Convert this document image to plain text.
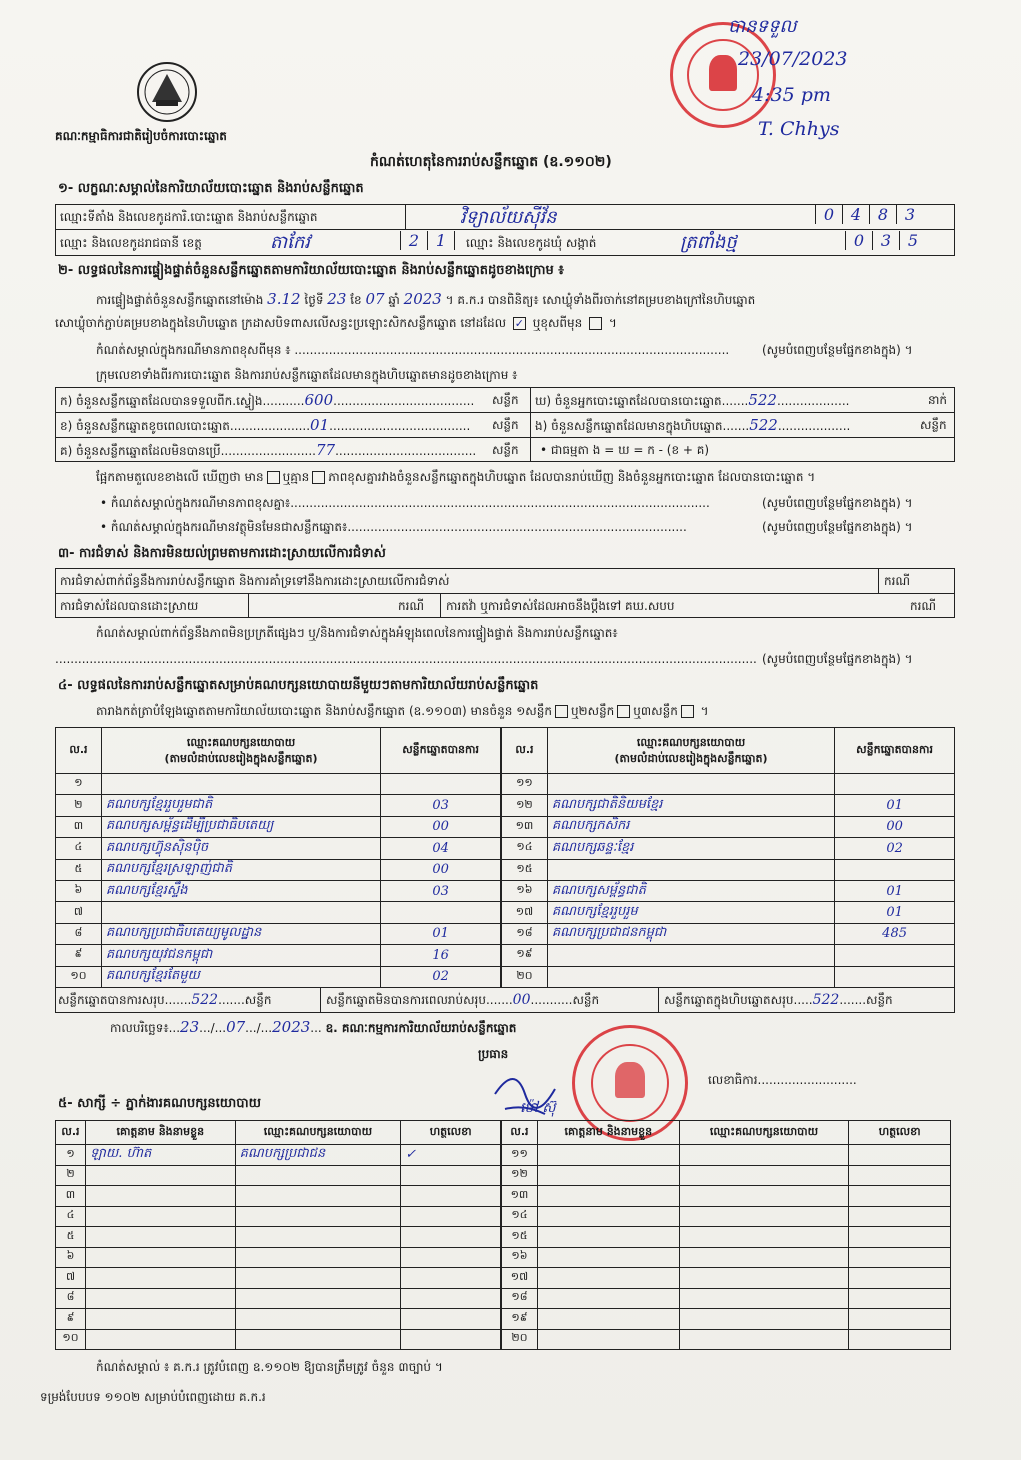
គណៈកម្មាធិការជាតិរៀបចំការបោះឆ្នោត
បានទទួល
23/07/2023
4:35 pm
T. Chhys
កំណត់ហេតុនៃការរាប់សន្លឹកឆ្នោត (ឧ.១១០២)
១- លក្ខណៈសម្គាល់នៃការិយាល័យបោះឆ្នោត និងរាប់សន្លឹកឆ្នោត
ឈ្មោះទីតាំង និងលេខកូដការិ.បោះឆ្នោត និងរាប់សន្លឹកឆ្នោត	វិទ្យាល័យស៊ីវ័ន	0 4 8 3
ឈ្មោះ និងលេខកូដរាជធានី ខេត្ត	តាកែវ	2 1	ឈ្មោះ និងលេខកូដឃុំ សង្កាត់	ត្រពាំងថ្ម	0 3 5
២- លទ្ធផលនៃការផ្ទៀងផ្ទាត់ចំនួនសន្លឹកឆ្នោតតាមការិយាល័យបោះឆ្នោត និងរាប់សន្លឹកឆ្នោតដូចខាងក្រោម ៖
ការផ្ទៀងផ្ទាត់ចំនួនសន្លឹកឆ្នោតនៅម៉ោង 3.12 ថ្ងៃទី 23 ខែ 07 ឆ្នាំ 2023 ។ គ.ក.រ បានពិនិត្យ៖ សោឃ្លុំទាំងពីរចាក់នៅគម្របខាងក្រៅនៃហិបឆ្នោត
សោឃ្លុំចាក់ភ្ជាប់គម្របខាងក្នុងនៃហិបឆ្នោត ក្រដាសបិទពាសលើសន្ធះប្រឡោះសិកសន្លឹកឆ្នោត នៅដដែល ✓ ឬខុសពីមុន  ។
កំណត់សម្គាល់ក្នុងករណីមានភាពខុសពីមុន ៖ ..................................................................................................................	(សូមបំពេញបន្ថែមផ្នែកខាងក្នុង) ។
ក្រុមលេខាទាំងពីរការបោះឆ្នោត និងការរាប់សន្លឹកឆ្នោតដែលមានក្នុងហិបឆ្នោតមានដូចខាងក្រោម ៖
ក) ចំនួនសន្លឹកឆ្នោតដែលបានទទួលពីក.ស្ទៀង...........600..................................... សន្លឹក
ខ) ចំនួនសន្លឹកឆ្នោតខូចពេលបោះឆ្នោត.....................01..................................... សន្លឹក
គ) ចំនួនសន្លឹកឆ្នោតដែលមិនបានប្រើ.........................77..................................... សន្លឹក
ឃ) ចំនួនអ្នកបោះឆ្នោតដែលបានបោះឆ្នោត.......522...................	នាក់
ង) ចំនួនសន្លឹកឆ្នោតដែលមានក្នុងហិបឆ្នោត.......522...................	សន្លឹក
• ជាធម្មតា ង = ឃ = ក - (ខ + គ)
ផ្អែកតាមតួលេខខាងលើ ឃើញថា មាន ឬគ្មាន ភាពខុសគ្នារវាងចំនួនសន្លឹកឆ្នោតក្នុងហិបឆ្នោត ដែលបានរាប់ឃើញ និងចំនួនអ្នកបោះឆ្នោត ដែលបានបោះឆ្នោត ។
• កំណត់សម្គាល់ក្នុងករណីមានភាពខុសគ្នា៖..............................................................................................................	(សូមបំពេញបន្ថែមផ្នែកខាងក្នុង) ។
• កំណត់សម្គាល់ក្នុងករណីមានវត្ថុមិនមែនជាសន្លឹកឆ្នោត៖.........................................................................................	(សូមបំពេញបន្ថែមផ្នែកខាងក្នុង) ។
៣- ការជំទាស់ និងការមិនយល់ព្រមតាមការដោះស្រាយលើការជំទាស់
ការជំទាស់ពាក់ព័ន្ធនឹងការរាប់សន្លឹកឆ្នោត និងការគាំទ្រទៅនឹងការដោះស្រាយលើការជំទាស់	ករណី
ការជំទាស់ដែលបានដោះស្រាយ	ករណី ការតវ៉ា ឬការជំទាស់ដែលអាចនឹងប្ដឹងទៅ គឃ.សបប	ករណី
កំណត់សម្គាល់ពាក់ព័ន្ធនឹងភាពមិនប្រក្រតីផ្សេងៗ ឬ/និងការជំទាស់ក្នុងអំឡុងពេលនៃការផ្ទៀងផ្ទាត់ និងការរាប់សន្លឹកឆ្នោត៖
........................................................................................................................................................................................ (សូមបំពេញបន្ថែមផ្នែកខាងក្នុង) ។
៤- លទ្ធផលនៃការរាប់សន្លឹកឆ្នោតសម្រាប់គណបក្សនយោបាយនីមួយៗតាមការិយាល័យរាប់សន្លឹកឆ្នោត
តារាងកត់ត្រាបំឡែងឆ្នោតតាមការិយាល័យបោះឆ្នោត និងរាប់សន្លឹកឆ្នោត (ឧ.១១០៣) មានចំនួន ១សន្លឹក ឬ២សន្លឹក ឬ៣សន្លឹក ។
ល.រ	ឈ្មោះគណបក្សនយោបាយ
(តាមលំដាប់លេខរៀងក្នុងសន្លឹកឆ្នោត)	សន្លឹកឆ្នោតបានការ
១		
២	គណបក្សខ្មែររួបរួមជាតិ	03
៣	គណបក្សសម្ព័ន្ធដើម្បីប្រជាធិបតេយ្យ	00
៤	គណបក្សហ៊្វុនស៊ិនប៉ិច	04
៥	គណបក្សខ្មែរស្រឡាញ់ជាតិ	00
៦	គណបក្សខ្មែរស្ទឹង	03
៧		
៨	គណបក្សប្រជាធិបតេយ្យមូលដ្ឋាន	01
៩	គណបក្សយុវជនកម្ពុជា	16
១០	គណបក្សខ្មែរតែមួយ	02
ល.រ	ឈ្មោះគណបក្សនយោបាយ
(តាមលំដាប់លេខរៀងក្នុងសន្លឹកឆ្នោត)	សន្លឹកឆ្នោតបានការ
១១		
១២	គណបក្សជាតិនិយមខ្មែរ	01
១៣	គណបក្សកសិករ	00
១៤	គណបក្សឆន្ទៈខ្មែរ	02
១៥		
១៦	គណបក្សសម្ព័ន្ធជាតិ	01
១៧	គណបក្សខ្មែររួបរួម	01
១៨	គណបក្សប្រជាជនកម្ពុជា	485
១៩		
២០		
សន្លឹកឆ្នោតបានការសរុប.......522.......សន្លឹក	សន្លឹកឆ្នោតមិនបានការពេលរាប់សរុប.......00...........សន្លឹក	សន្លឹកឆ្នោតក្នុងហិបឆ្នោតសរុប.....522.......សន្លឹក
កាលបរិច្ឆេទ៖...23.../...07.../...2023... ឧ. គណៈកម្មការការិយាល័យរាប់សន្លឹកឆ្នោត
ប្រធាន
ម៉ៅ ស៊ុ
លេខាធិការ..........................
៥- សាក្សី ÷ ភ្នាក់ងារគណបក្សនយោបាយ
ល.រ	គោត្តនាម និងនាមខ្លួន	ឈ្មោះគណបក្សនយោបាយ	ហត្ថលេខា
១	ឡាយ. ហ៊ាត	គណបក្សប្រជាជន	✓
២			
៣			
៤			
៥			
៦			
៧			
៨			
៩			
១០			
ល.រ	គោត្តនាម និងនាមខ្លួន	ឈ្មោះគណបក្សនយោបាយ	ហត្ថលេខា
១១			
១២			
១៣			
១៤			
១៥			
១៦			
១៧			
១៨			
១៩			
២០			
កំណត់សម្គាល់ ៖ គ.ក.រ ត្រូវបំពេញ ឧ.១១០២ ឱ្យបានត្រឹមត្រូវ ចំនួន ៣ច្បាប់ ។
ទម្រង់បែបបទ ១១០២ សម្រាប់បំពេញដោយ គ.ក.រ
